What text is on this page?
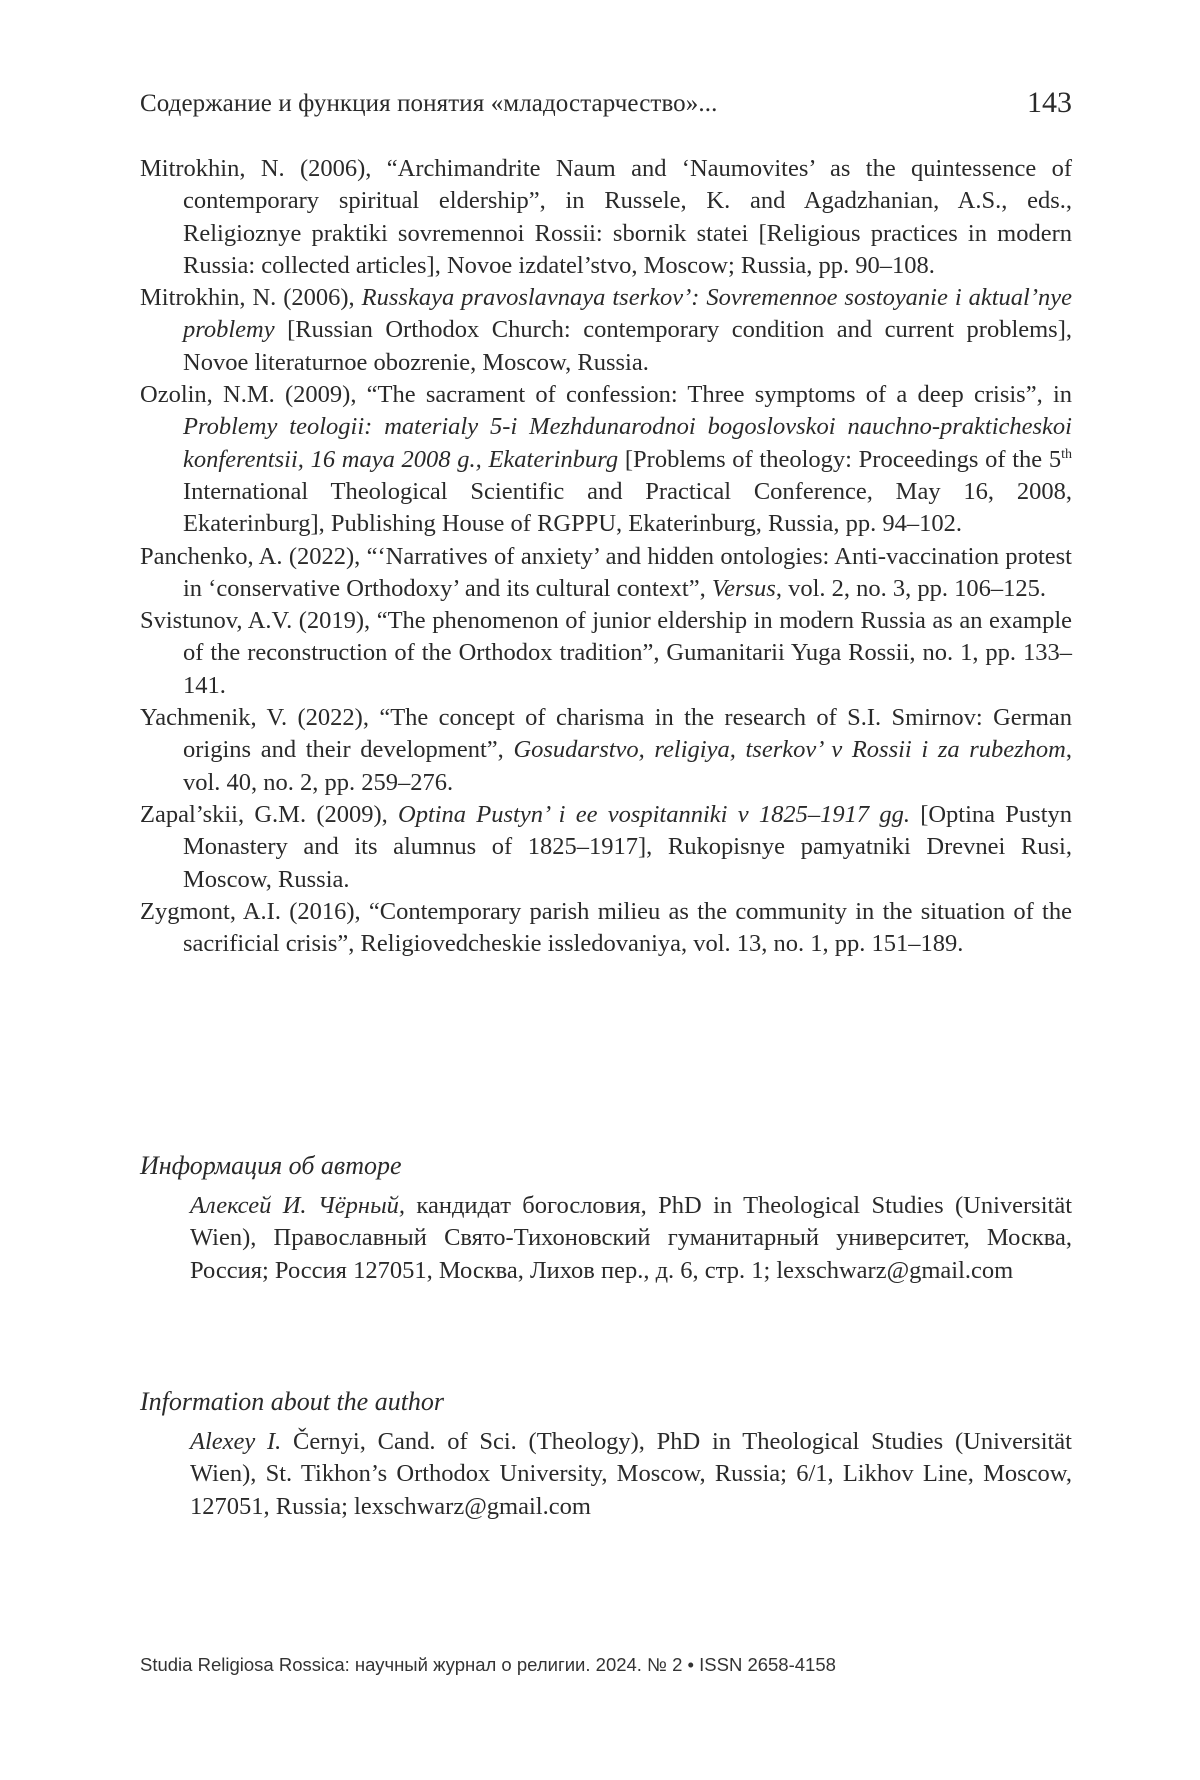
Содержание и функция понятия «младостарчество»...	143

Mitrokhin, N. (2006), “Archimandrite Naum and ‘Naumovites’ as the quintessence of contemporary spiritual eldership”, in Russele, K. and Agadzhanian, A.S., eds., Religioznye praktiki sovremennoi Rossii: sbornik statei [Religious practices in modern Russia: collected articles], Novoe izdatel’stvo, Moscow; Russia, pp. 90–108.

Mitrokhin, N. (2006), Russkaya pravoslavnaya tserkov’: Sovremennoe sostoyanie i aktual’nye problemy [Russian Orthodox Church: contemporary condition and current problems], Novoe literaturnoe obozrenie, Moscow, Russia.

Ozolin, N.M. (2009), “The sacrament of confession: Three symptoms of a deep crisis”, in Problemy teologii: materialy 5-i Mezhdunarodnoi bogoslovskoi nauchno-prakticheskoi konferentsii, 16 maya 2008 g., Ekaterinburg [Problems of theology: Proceedings of the 5th International Theological Scientific and Practical Conference, May 16, 2008, Ekaterinburg], Publishing House of RGPPU, Ekaterinburg, Russia, pp. 94–102.

Panchenko, A. (2022), “‘Narratives of anxiety’ and hidden ontologies: Anti-vaccination protest in ‘conservative Orthodoxy’ and its cultural context”, Versus, vol. 2, no. 3, pp. 106–125.

Svistunov, A.V. (2019), “The phenomenon of junior eldership in modern Russia as an example of the reconstruction of the Orthodox tradition”, Gumanitarii Yuga Rossii, no. 1, pp. 133–141.

Yachmenik, V. (2022), “The concept of charisma in the research of S.I. Smirnov: German origins and their development”, Gosudarstvo, religiya, tserkov’ v Rossii i za rubezhom, vol. 40, no. 2, pp. 259–276.

Zapal’skii, G.M. (2009), Optina Pustyn’ i ee vospitanniki v 1825–1917 gg. [Optina Pustyn Monastery and its alumnus of 1825–1917], Rukopisnye pamyatniki Drevnei Rusi, Moscow, Russia.

Zygmont, A.I. (2016), “Contemporary parish milieu as the community in the situation of the sacrificial crisis”, Religiovedcheskie issledovaniya, vol. 13, no. 1, pp. 151–189.

Информация об авторе

Алексей И. Чёрный, кандидат богословия, PhD in Theological Studies (Universität Wien), Православный Свято-Тихоновский гуманитарный университет, Москва, Россия; Россия 127051, Москва, Лихов пер., д. 6, стр. 1; lexschwarz@gmail.com

Information about the author

Alexey I. Černyi, Cand. of Sci. (Theology), PhD in Theological Studies (Universität Wien), St. Tikhon’s Orthodox University, Moscow, Russia; 6/1, Likhov Line, Moscow, 127051, Russia; lexschwarz@gmail.com

Studia Religiosa Rossica: научный журнал о религии. 2024. № 2 • ISSN 2658-4158
